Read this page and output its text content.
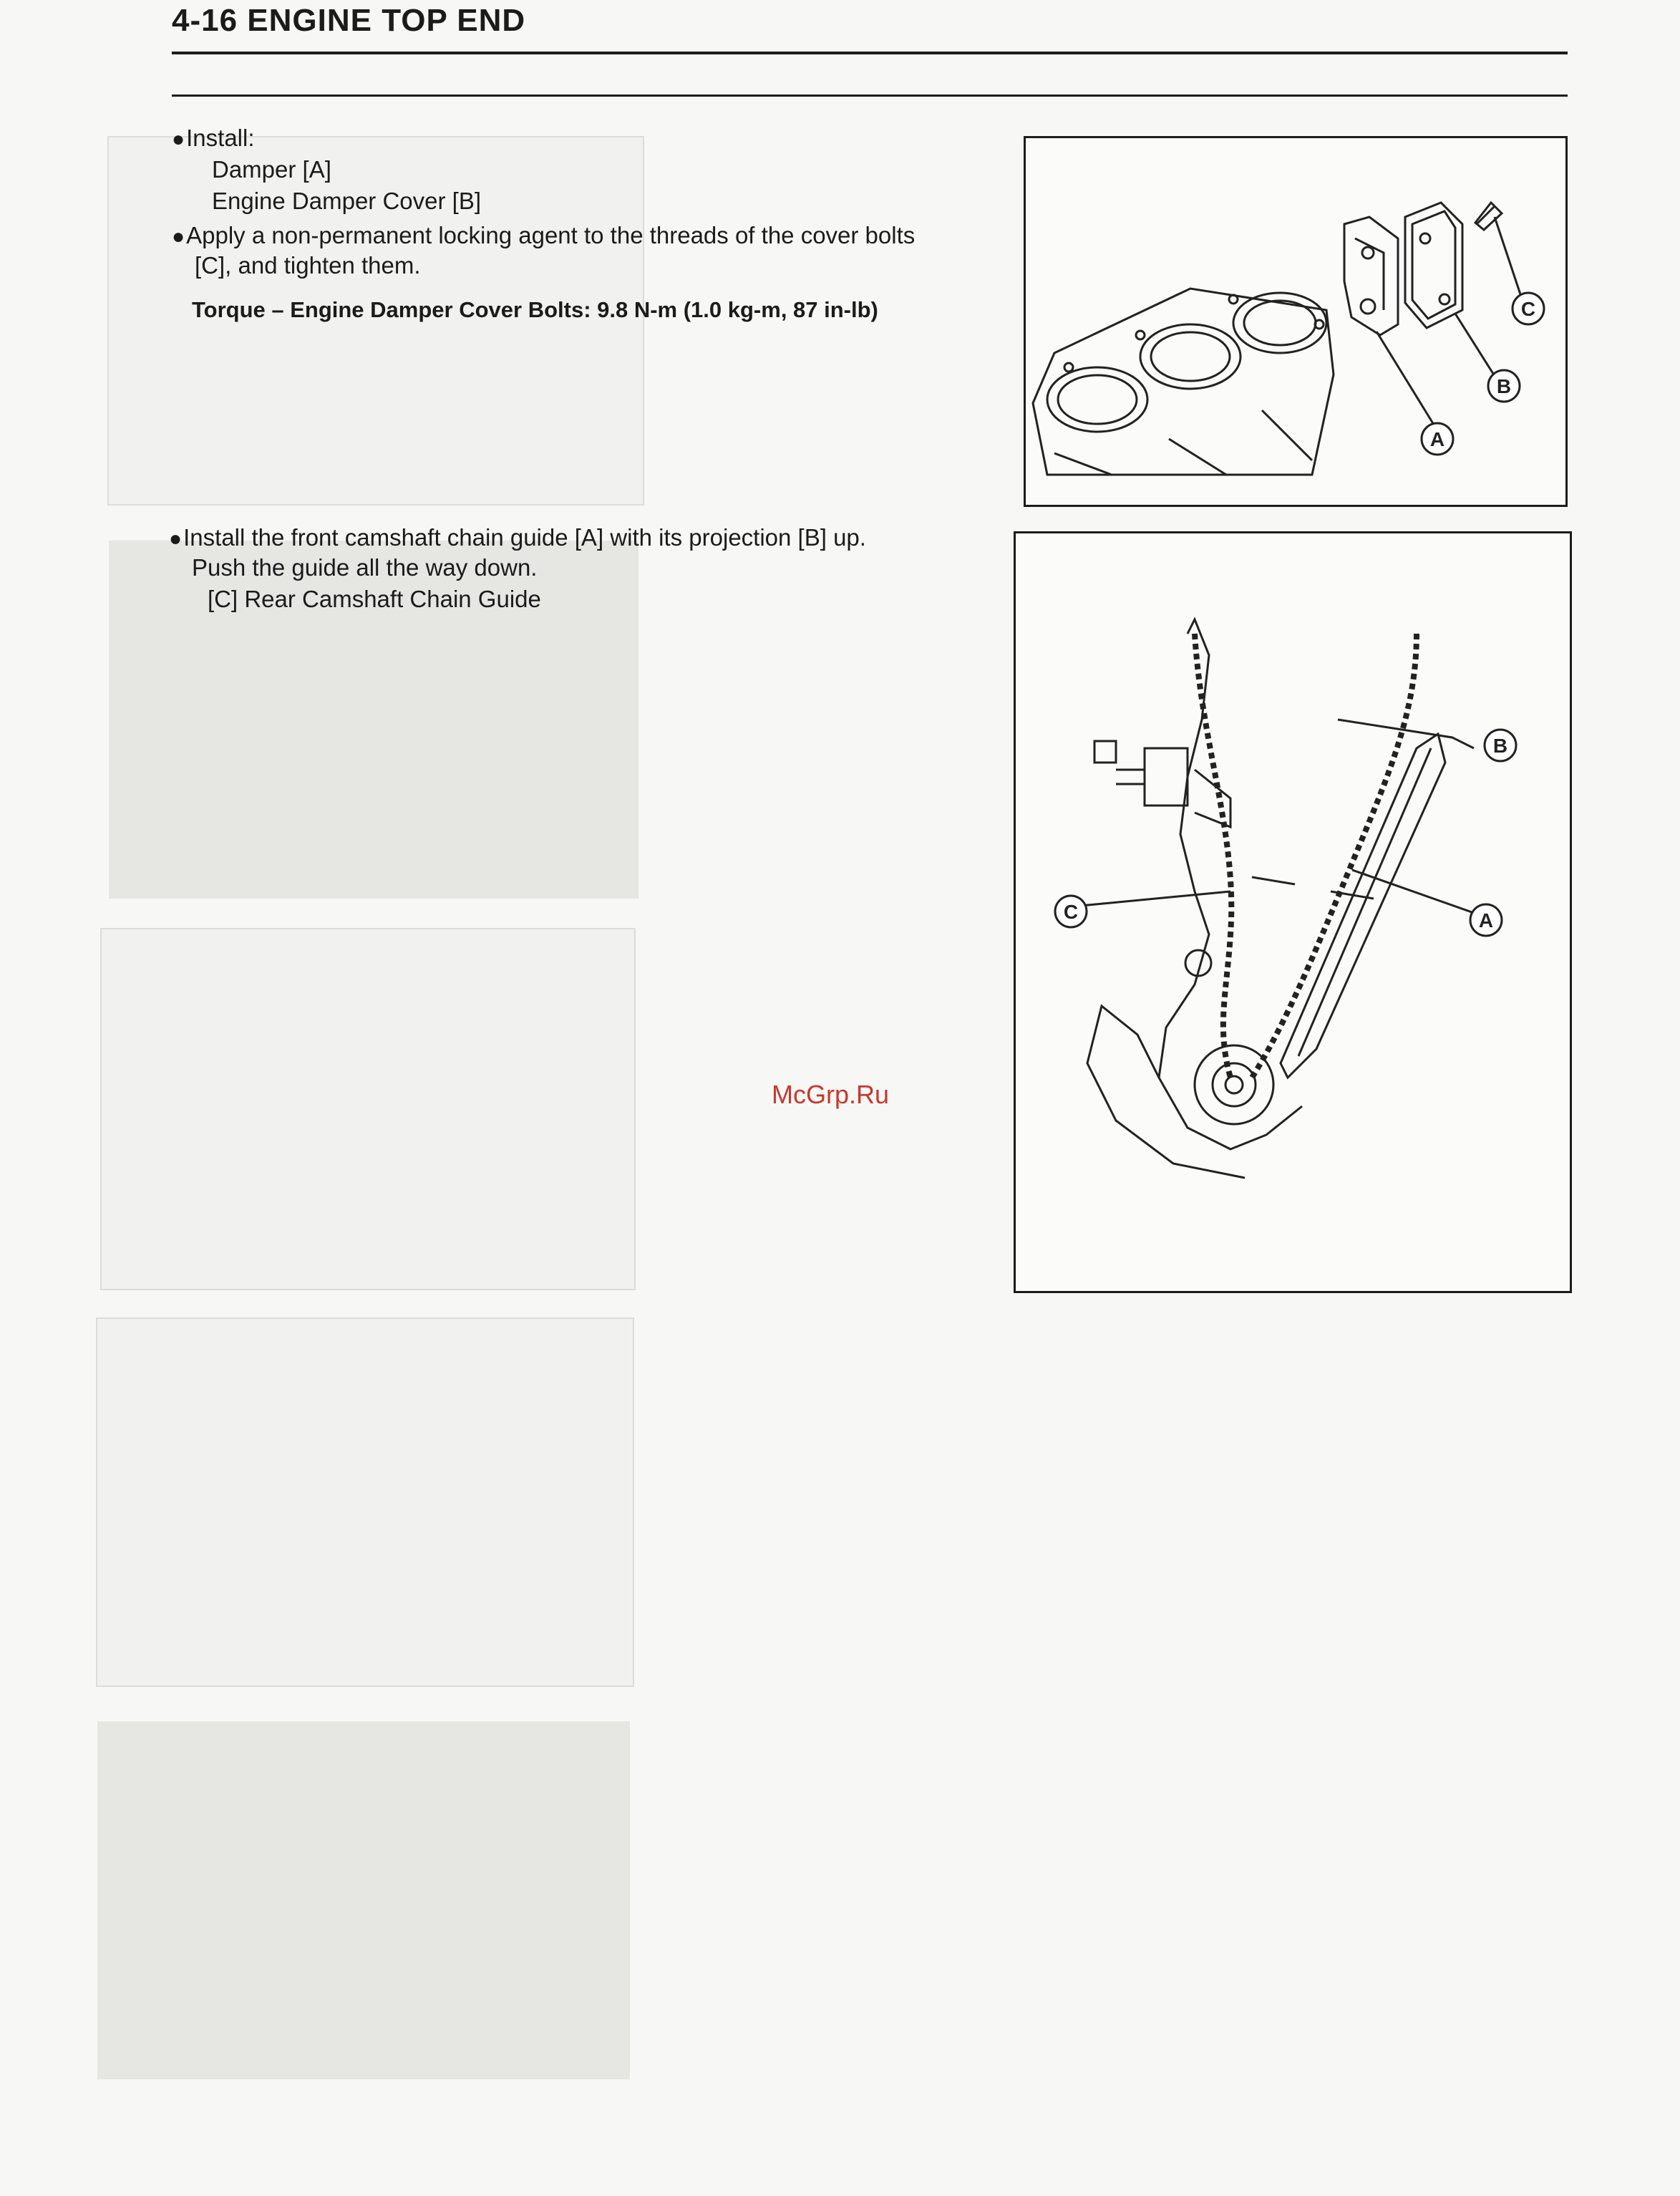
4-16 ENGINE TOP END
● Install:
Damper [A]
Engine Damper Cover [B]
● Apply a non-permanent locking agent to the threads of the cover bolts
[C], and tighten them.
Torque – Engine Damper Cover Bolts: 9.8 N-m (1.0 kg-m, 87 in-lb)
● Install the front camshaft chain guide [A] with its projection [B] up.
Push the guide all the way down.
[C] Rear Camshaft Chain Guide
A
B
C
A
B
C
McGrp.Ru
